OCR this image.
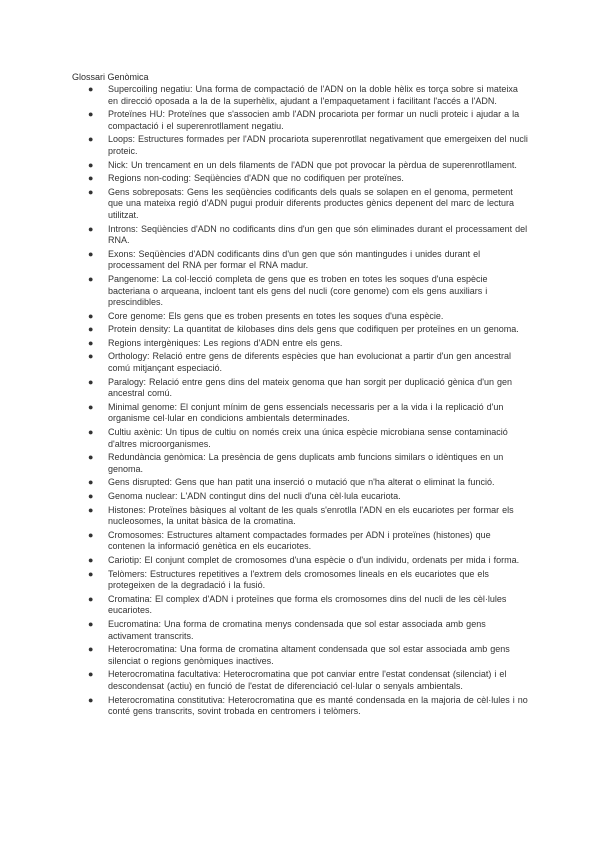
Glossari Genòmica
● Supercoiling negatiu: Una forma de compactació de l'ADN on la doble hèlix es torça sobre si mateixa en direcció oposada a la de la superhèlix, ajudant a l'empaquetament i facilitant l'accés a l'ADN.
● Proteïnes HU: Proteïnes que s'associen amb l'ADN procariota per formar un nucli proteic i ajudar a la compactació i el superenrotllament negatiu.
● Loops: Estructures formades per l'ADN procariota superenrotllat negativament que emergeixen del nucli proteic.
● Nick: Un trencament en un dels filaments de l'ADN que pot provocar la pèrdua de superenrotllament.
● Regions non-coding: Seqüències d'ADN que no codifiquen per proteïnes.
● Gens sobreposats: Gens les seqüències codificants dels quals se solapen en el genoma, permetent que una mateixa regió d'ADN pugui produir diferents productes gènics depenent del marc de lectura utilitzat.
● Introns: Seqüències d'ADN no codificants dins d'un gen que són eliminades durant el processament del RNA.
● Exons: Seqüències d'ADN codificants dins d'un gen que són mantingudes i unides durant el processament del RNA per formar el RNA madur.
● Pangenome: La col·lecció completa de gens que es troben en totes les soques d'una espècie bacteriana o arqueana, incloent tant els gens del nucli (core genome) com els gens auxiliars i prescindibles.
● Core genome: Els gens que es troben presents en totes les soques d'una espècie.
● Protein density: La quantitat de kilobases dins dels gens que codifiquen per proteïnes en un genoma.
● Regions intergèniques: Les regions d'ADN entre els gens.
● Orthology: Relació entre gens de diferents espècies que han evolucionat a partir d'un gen ancestral comú mitjançant especiació.
● Paralogy: Relació entre gens dins del mateix genoma que han sorgit per duplicació gènica d'un gen ancestral comú.
● Minimal genome: El conjunt mínim de gens essencials necessaris per a la vida i la replicació d'un organisme cel·lular en condicions ambientals determinades.
● Cultiu axènic: Un tipus de cultiu on només creix una única espècie microbiana sense contaminació d'altres microorganismes.
● Redundància genòmica: La presència de gens duplicats amb funcions similars o idèntiques en un genoma.
● Gens disrupted: Gens que han patit una inserció o mutació que n'ha alterat o eliminat la funció.
● Genoma nuclear: L'ADN contingut dins del nucli d'una cèl·lula eucariota.
● Histones: Proteïnes bàsiques al voltant de les quals s'enrotlla l'ADN en els eucariotes per formar els nucleosomes, la unitat bàsica de la cromatina.
● Cromosomes: Estructures altament compactades formades per ADN i proteïnes (histones) que contenen la informació genètica en els eucariotes.
● Cariotip: El conjunt complet de cromosomes d'una espècie o d'un individu, ordenats per mida i forma.
● Telòmers: Estructures repetitives a l'extrem dels cromosomes lineals en els eucariotes que els protegeixen de la degradació i la fusió.
● Cromatina: El complex d'ADN i proteïnes que forma els cromosomes dins del nucli de les cèl·lules eucariotes.
● Eucromatina: Una forma de cromatina menys condensada que sol estar associada amb gens activament transcrits.
● Heterocromatina: Una forma de cromatina altament condensada que sol estar associada amb gens silenciat o regions genòmiques inactives.
● Heterocromatina facultativa: Heterocromatina que pot canviar entre l'estat condensat (silenciat) i el descondensat (actiu) en funció de l'estat de diferenciació cel·lular o senyals ambientals.
● Heterocromatina constitutiva: Heterocromatina que es manté condensada en la majoria de cèl·lules i no conté gens transcrits, sovint trobada en centromers i telòmers.
